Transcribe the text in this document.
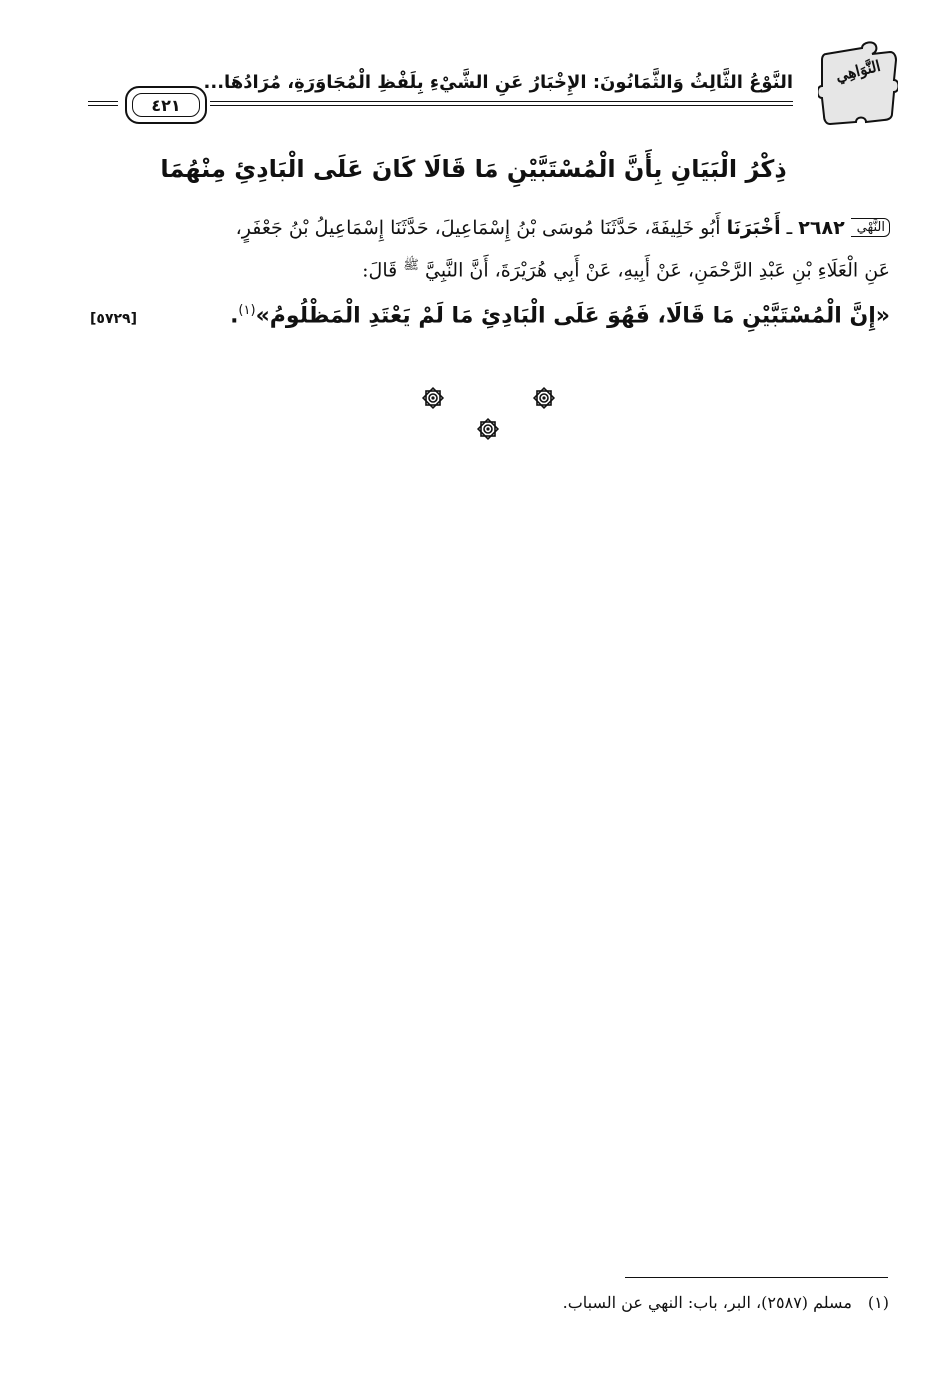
النَّوْعُ الثَّالِثُ وَالثَّمَانُونَ: الإِخْبَارُ عَنِ الشَّيْءِ بِلَفْظِ الْمُجَاوَرَةِ، مُرَادُهَا...
٤٢١
النَّوَاهِي
ذِكْرُ الْبَيَانِ بِأَنَّ الْمُسْتَبَّيْنِ مَا قَالَا كَانَ عَلَى الْبَادِئِ مِنْهُمَا
النَّهْي٢٦٨٢ ـ أَخْبَرَنَا أَبُو خَلِيفَةَ، حَدَّثَنَا مُوسَى بْنُ إِسْمَاعِيلَ، حَدَّثَنَا إِسْمَاعِيلُ بْنُ جَعْفَرٍ،
عَنِ الْعَلَاءِ بْنِ عَبْدِ الرَّحْمَنِ، عَنْ أَبِيهِ، عَنْ أَبِي هُرَيْرَةَ، أَنَّ النَّبِيَّ $^ﷺ$ قَالَ:
«إِنَّ الْمُسْتَبَّيْنِ مَا قَالَا، فَهُوَ عَلَى الْبَادِئِ مَا لَمْ يَعْتَدِ الْمَظْلُومُ»$^{(١)}$.
[٥٧٢٩]
(١)مسلم (٢٥٨٧)، البر، باب: النهي عن السباب.
